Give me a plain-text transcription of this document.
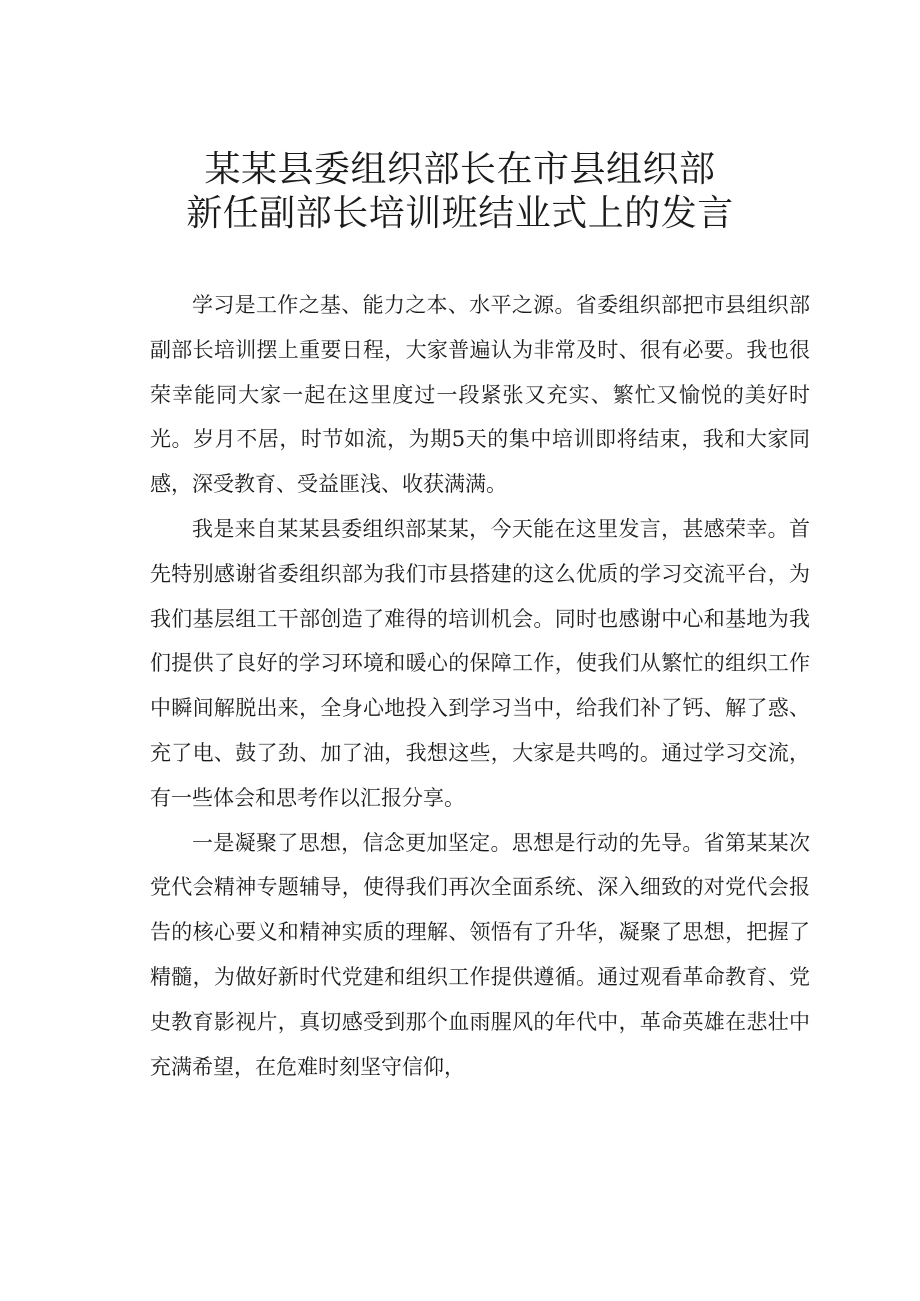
某某县委组织部长在市县组织部
新任副部长培训班结业式上的发言

学习是工作之基、能力之本、水平之源。省委组织部把市县组织部副部长培训摆上重要日程，大家普遍认为非常及时、很有必要。我也很荣幸能同大家一起在这里度过一段紧张又充实、繁忙又愉悦的美好时光。岁月不居，时节如流，为期5天的集中培训即将结束，我和大家同感，深受教育、受益匪浅、收获满满。

我是来自某某县委组织部某某，今天能在这里发言，甚感荣幸。首先特别感谢省委组织部为我们市县搭建的这么优质的学习交流平台，为我们基层组工干部创造了难得的培训机会。同时也感谢中心和基地为我们提供了良好的学习环境和暖心的保障工作，使我们从繁忙的组织工作中瞬间解脱出来，全身心地投入到学习当中，给我们补了钙、解了惑、充了电、鼓了劲、加了油，我想这些，大家是共鸣的。通过学习交流，有一些体会和思考作以汇报分享。

一是凝聚了思想，信念更加坚定。思想是行动的先导。省第某某次党代会精神专题辅导，使得我们再次全面系统、深入细致的对党代会报告的核心要义和精神实质的理解、领悟有了升华，凝聚了思想，把握了精髓，为做好新时代党建和组织工作提供遵循。通过观看革命教育、党史教育影视片，真切感受到那个血雨腥风的年代中，革命英雄在悲壮中充满希望，在危难时刻坚守信仰，
